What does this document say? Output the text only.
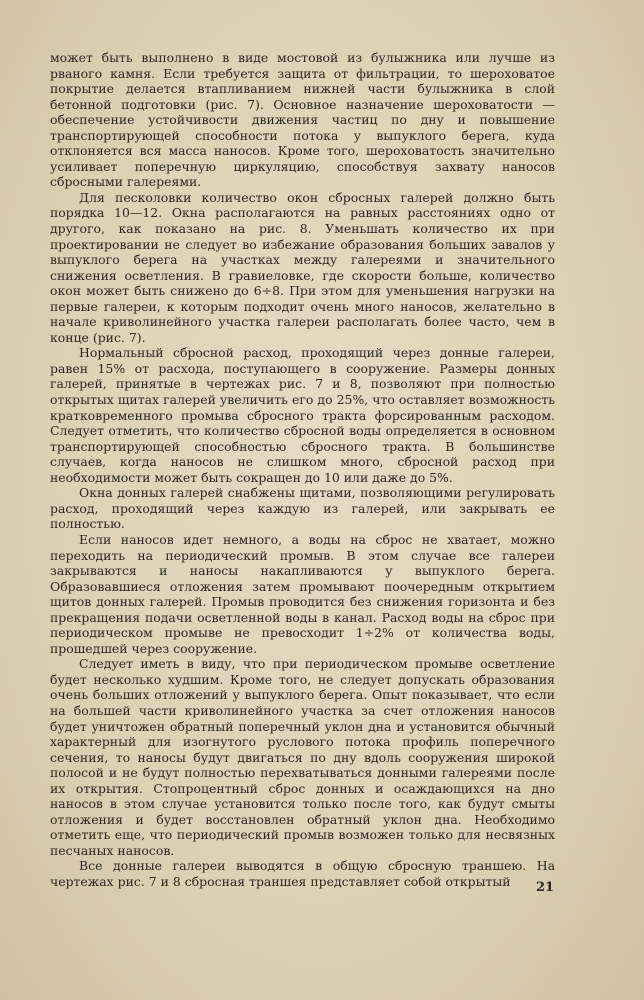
может быть выполнено в виде мостовой из булыжника или лучше из рваного камня. Если требуется защита от фильтрации, то шероховатое покрытие делается втапливанием нижней части булыжника в слой бетонной подготовки (рис. 7). Основное назначение шероховатости — обеспечение устойчивости движения частиц по дну и повышение транспортирующей способности потока у выпуклого берега, куда отклоняется вся масса наносов. Кроме того, шероховатость значительно усиливает поперечную циркуляцию, способствуя захвату наносов сбросными галереями.

Для песколовки количество окон сбросных галерей должно быть порядка 10—12. Окна располагаются на равных расстояниях одно от другого, как показано на рис. 8. Уменьшать количество их при проектировании не следует во избежание образования больших завалов у выпуклого берега на участках между галереями и значительного снижения осветления. В гравиеловке, где скорости больше, количество окон может быть снижено до 6÷8. При этом для уменьшения нагрузки на первые галереи, к которым подходит очень много наносов, желательно в начале криволинейного участка галереи располагать более часто, чем в конце (рис. 7).

Нормальный сбросной расход, проходящий через донные галереи, равен 15% от расхода, поступающего в сооружение. Размеры донных галерей, принятые в чертежах рис. 7 и 8, позволяют при полностью открытых щитах галерей увеличить его до 25%, что оставляет возможность кратковременного промыва сбросного тракта форсированным расходом. Следует отметить, что количество сбросной воды определяется в основном транспортирующей способностью сбросного тракта. В большинстве случаев, когда наносов не слишком много, сбросной расход при необходимости может быть сокращен до 10 или даже до 5%.

Окна донных галерей снабжены щитами, позволяющими регулировать расход, проходящий через каждую из галерей, или закрывать ее полностью.

Если наносов идет немного, а воды на сброс не хватает, можно переходить на периодический промыв. В этом случае все галереи закрываются и наносы накапливаются у выпуклого берега. Образовавшиеся отложения затем промывают поочередным открытием щитов донных галерей. Промыв проводится без снижения горизонта и без прекращения подачи осветленной воды в канал. Расход воды на сброс при периодическом промыве не превосходит 1÷2% от количества воды, прошедшей через сооружение.

Следует иметь в виду, что при периодическом промыве осветление будет несколько худшим. Кроме того, не следует допускать образования очень больших отложений у выпуклого берега. Опыт показывает, что если на большей части криволинейного участка за счет отложения наносов будет уничтожен обратный поперечный уклон дна и установится обычный характерный для изогнутого руслового потока профиль поперечного сечения, то наносы будут двигаться по дну вдоль сооружения широкой полосой и не будут полностью перехватываться донными галереями после их открытия. Стопроцентный сброс донных и осаждающихся на дно наносов в этом случае установится только после того, как будут смыты отложения и будет восстановлен обратный уклон дна. Необходимо отметить еще, что периодический промыв возможен только для несвязных песчаных наносов.

Все донные галереи выводятся в общую сбросную траншею. На чертежах рис. 7 и 8 сбросная траншея представляет собой открытый	21
